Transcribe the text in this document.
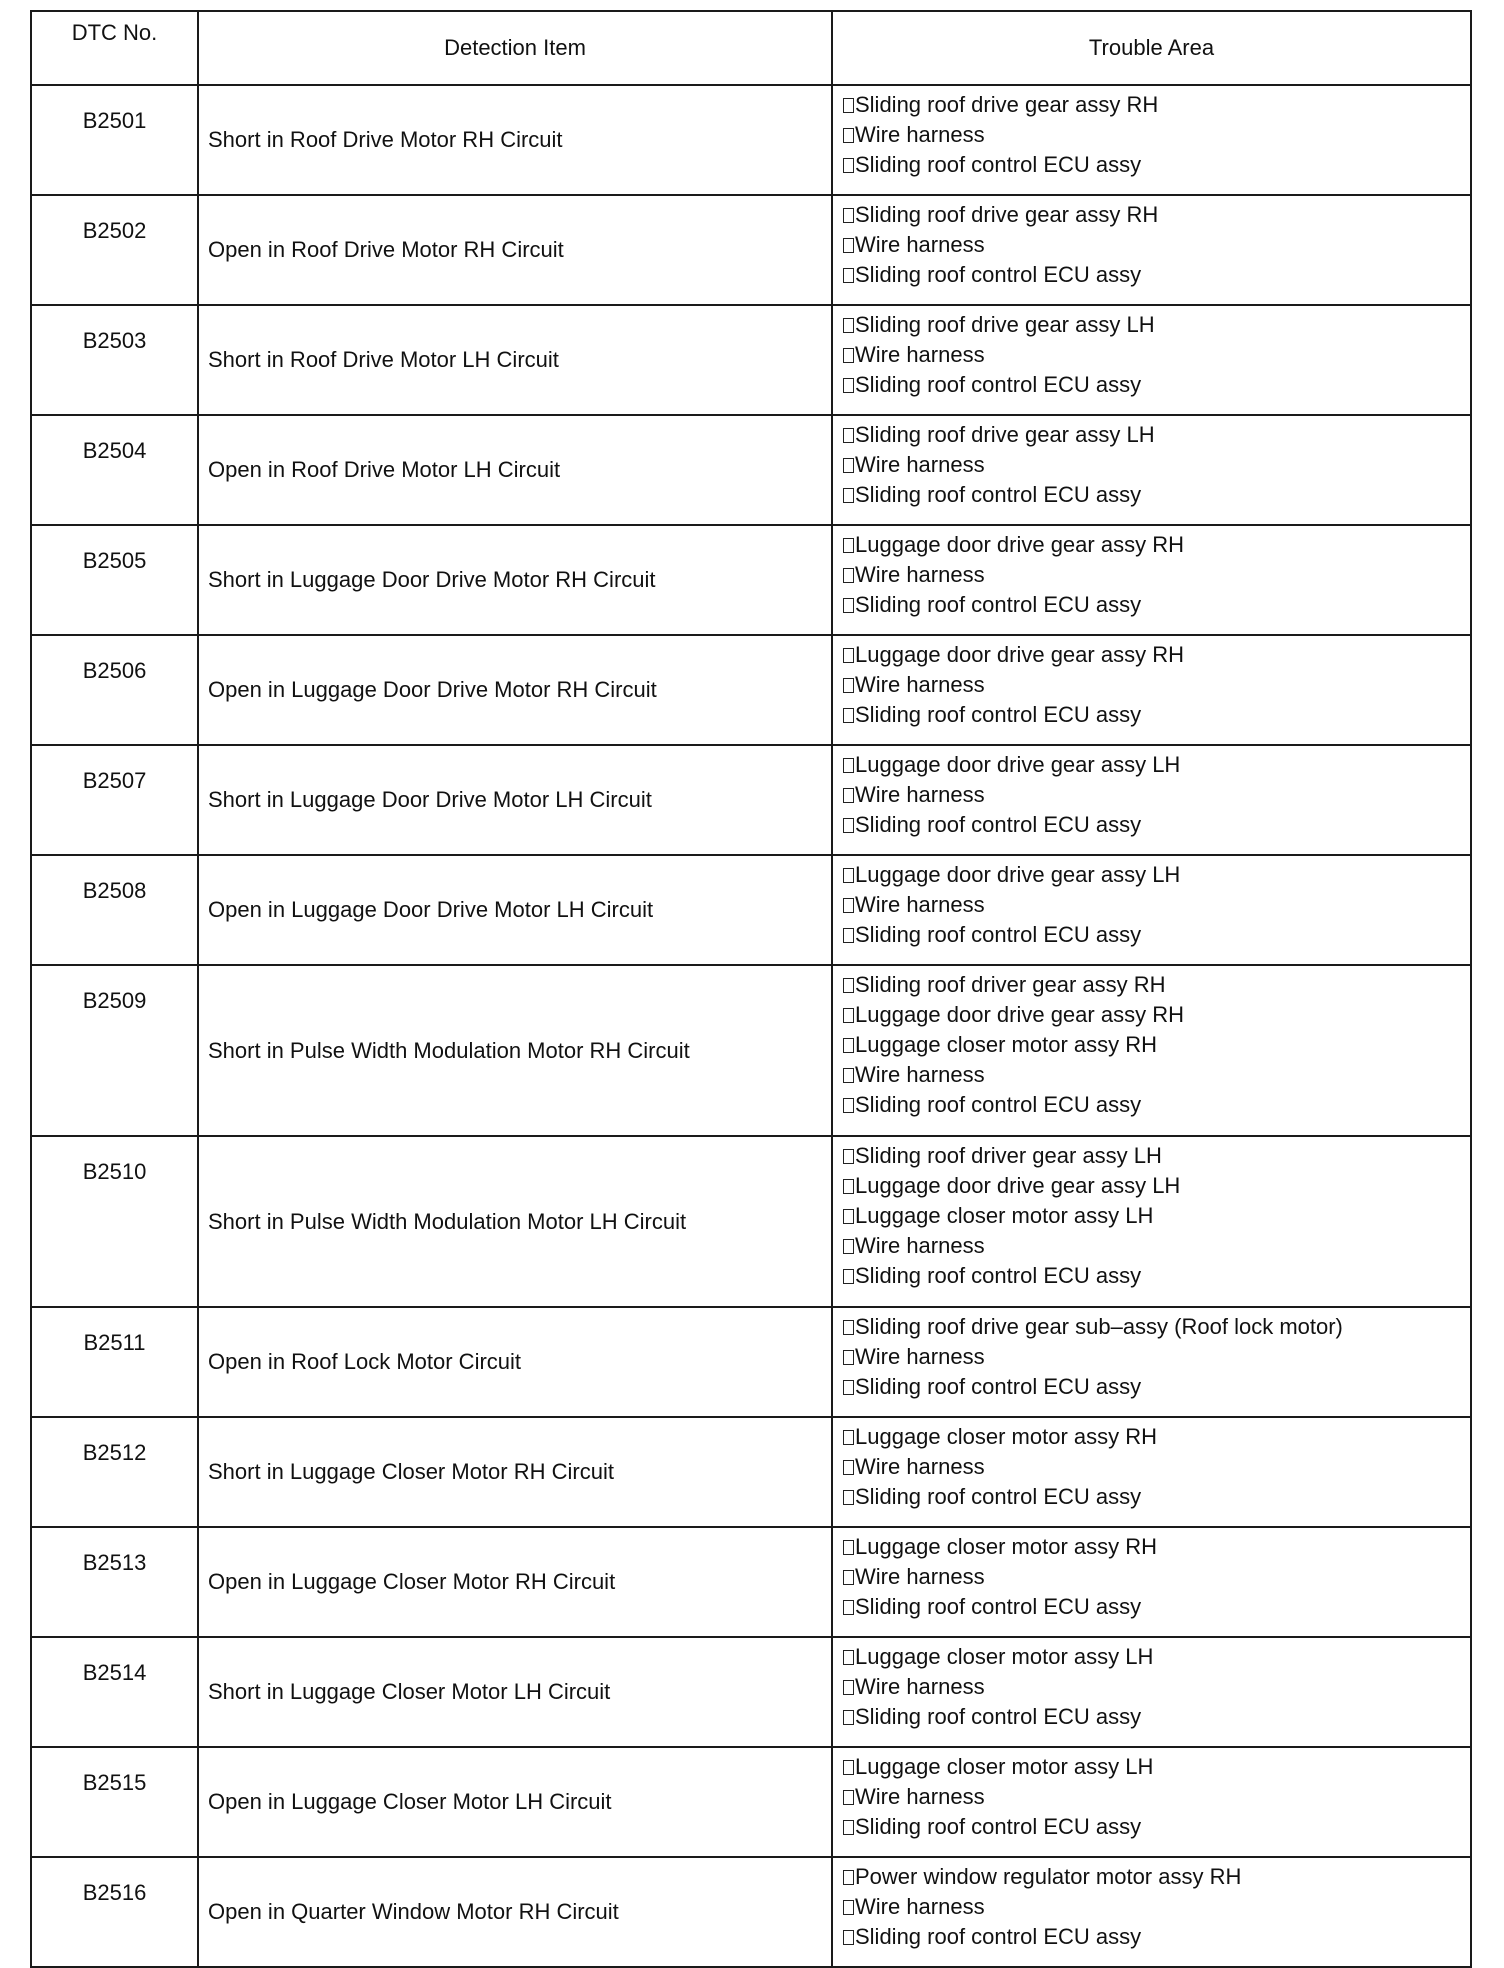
DTC No.	Detection Item	Trouble Area
B2501	Short in Roof Drive Motor RH Circuit	Sliding roof drive gear assy RH
Wire harness
Sliding roof control ECU assy

B2502	Open in Roof Drive Motor RH Circuit	Sliding roof drive gear assy RH
Wire harness
Sliding roof control ECU assy

B2503	Short in Roof Drive Motor LH Circuit	Sliding roof drive gear assy LH
Wire harness
Sliding roof control ECU assy

B2504	Open in Roof Drive Motor LH Circuit	Sliding roof drive gear assy LH
Wire harness
Sliding roof control ECU assy

B2505	Short in Luggage Door Drive Motor RH Circuit	Luggage door drive gear assy RH
Wire harness
Sliding roof control ECU assy

B2506	Open in Luggage Door Drive Motor RH Circuit	Luggage door drive gear assy RH
Wire harness
Sliding roof control ECU assy

B2507	Short in Luggage Door Drive Motor LH Circuit	Luggage door drive gear assy LH
Wire harness
Sliding roof control ECU assy

B2508	Open in Luggage Door Drive Motor LH Circuit	Luggage door drive gear assy LH
Wire harness
Sliding roof control ECU assy

B2509	Short in Pulse Width Modulation Motor RH Circuit	Sliding roof driver gear assy RH
Luggage door drive gear assy RH
Luggage closer motor assy RH
Wire harness
Sliding roof control ECU assy

B2510	Short in Pulse Width Modulation Motor LH Circuit	Sliding roof driver gear assy LH
Luggage door drive gear assy LH
Luggage closer motor assy LH
Wire harness
Sliding roof control ECU assy

B2511	Open in Roof Lock Motor Circuit	Sliding roof drive gear sub–assy (Roof lock motor)
Wire harness
Sliding roof control ECU assy

B2512	Short in Luggage Closer Motor RH Circuit	Luggage closer motor assy RH
Wire harness
Sliding roof control ECU assy

B2513	Open in Luggage Closer Motor RH Circuit	Luggage closer motor assy RH
Wire harness
Sliding roof control ECU assy

B2514	Short in Luggage Closer Motor LH Circuit	Luggage closer motor assy LH
Wire harness
Sliding roof control ECU assy

B2515	Open in Luggage Closer Motor LH Circuit	Luggage closer motor assy LH
Wire harness
Sliding roof control ECU assy

B2516	Open in Quarter Window Motor RH Circuit	Power window regulator motor assy RH
Wire harness
Sliding roof control ECU assy
